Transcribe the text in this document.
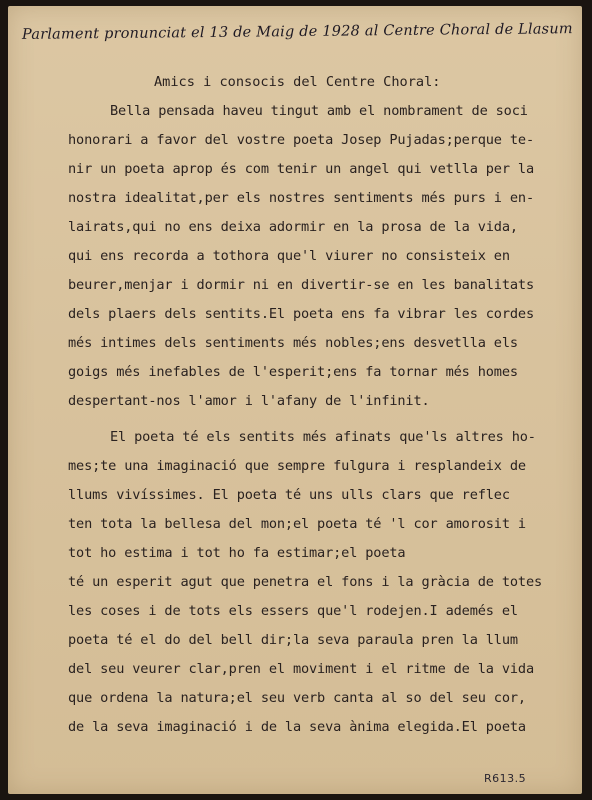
Parlament pronunciat el 13 de Maig de 1928 al Centre Choral de Llasum
Amics i consocis del Centre Choral:
Bella pensada haveu tingut amb el nombrament de soci
honorari a favor del vostre poeta Josep Pujadas;perque te-
nir un poeta aprop és com tenir un angel qui vetlla per la
nostra idealitat,per els nostres sentiments més purs i en-
lairats,qui no ens deixa adormir en la prosa de la vida,
qui ens recorda a tothora que'l viurer no consisteix en
beurer,menjar i dormir ni en divertir-se en les banalitats
dels plaers dels sentits.El poeta ens fa vibrar les cordes
més intimes dels sentiments més nobles;ens desvetlla els
goigs més inefables de l'esperit;ens fa tornar més homes
despertant-nos l'amor i l'afany de l'infinit.
El poeta té els sentits més afinats que'ls altres ho-
mes;te una imaginació que sempre fulgura i resplandeix de
llums vivíssimes. El poeta té uns ulls clars que reflec
ten tota la bellesa del mon;el poeta té 'l cor amorosit i
tot ho estima i tot ho fa estimar;el poeta
té un esperit agut que penetra el fons i la gràcia de totes
les coses i de tots els essers que'l rodejen.I ademés el
poeta té el do del bell dir;la seva paraula pren la llum
del seu veurer clar,pren el moviment i el ritme de la vida
que ordena la natura;el seu verb canta al so del seu cor,
de la seva imaginació i de la seva ànima elegida.El poeta
R613.5
